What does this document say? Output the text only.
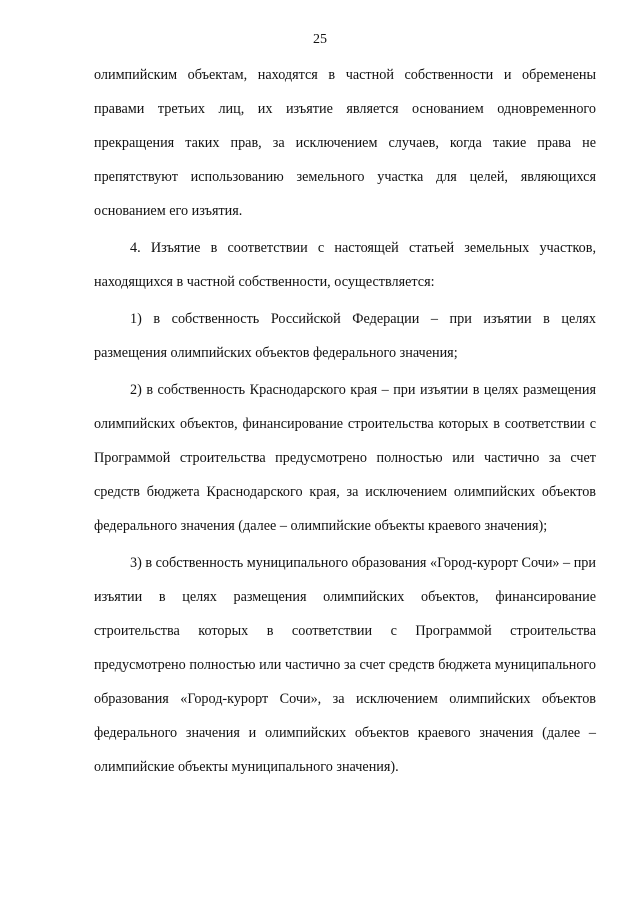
25

олимпийским объектам, находятся в частной собственности и обременены правами третьих лиц, их изъятие является основанием одновременного прекращения таких прав, за исключением случаев, когда такие права не препятствуют использованию земельного участка для целей, являющихся основанием его изъятия.

4. Изъятие в соответствии с настоящей статьей земельных участков, находящихся в частной собственности, осуществляется:

1) в собственность Российской Федерации – при изъятии в целях размещения олимпийских объектов федерального значения;

2) в собственность Краснодарского края – при изъятии в целях размещения олимпийских объектов, финансирование строительства которых в соответствии с Программой строительства предусмотрено полностью или частично за счет средств бюджета Краснодарского края, за исключением олимпийских объектов федерального значения (далее – олимпийские объекты краевого значения);

3) в собственность муниципального образования «Город-курорт Сочи» – при изъятии в целях размещения олимпийских объектов, финансирование строительства которых в соответствии с Программой строительства предусмотрено полностью или частично за счет средств бюджета муниципального образования «Город-курорт Сочи», за исключением олимпийских объектов федерального значения и олимпийских объектов краевого значения (далее – олимпийские объекты муниципального значения).
